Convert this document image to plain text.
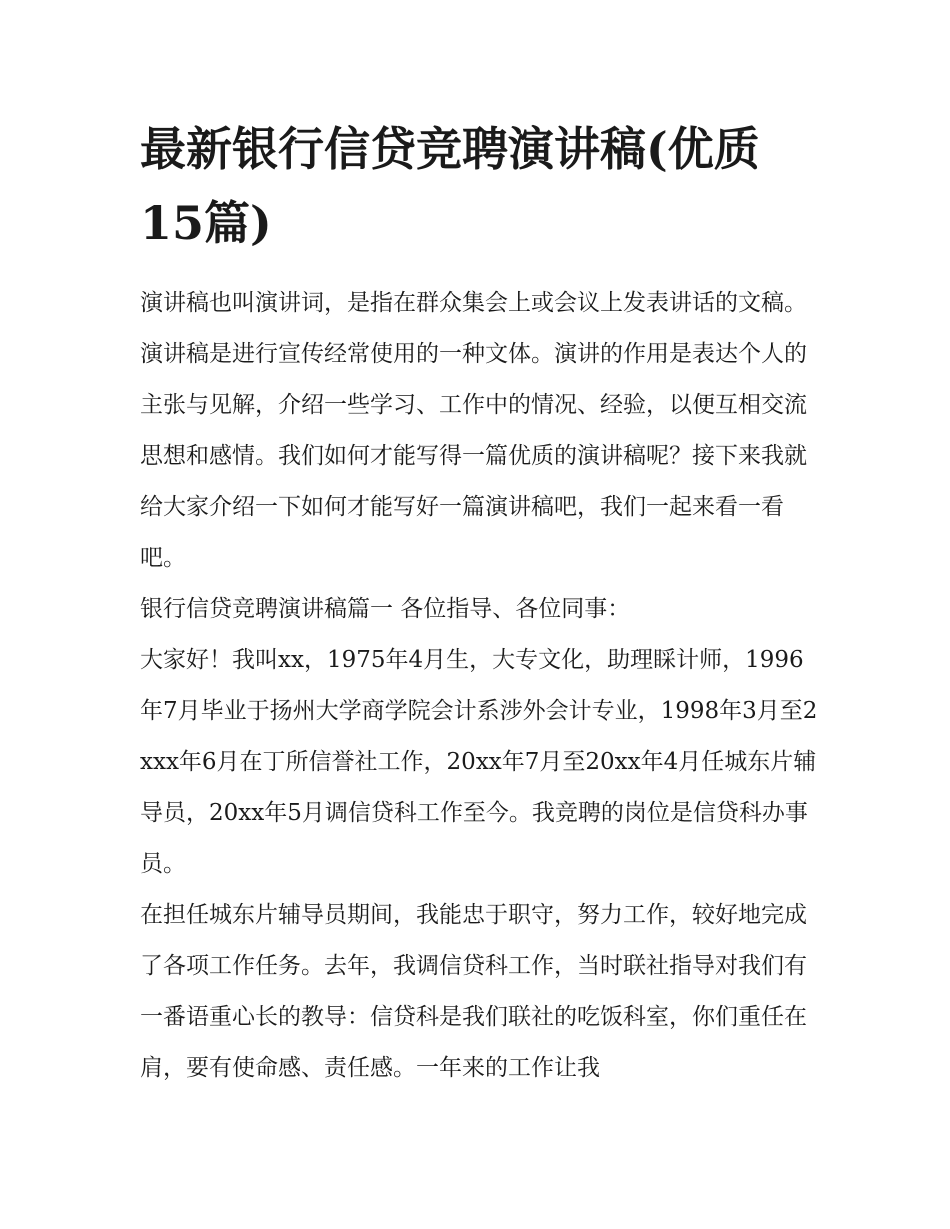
最新银行信贷竞聘演讲稿(优质15篇)

演讲稿也叫演讲词，是指在群众集会上或会议上发表讲话的文稿。演讲稿是进行宣传经常使用的一种文体。演讲的作用是表达个人的主张与见解，介绍一些学习、工作中的情况、经验，以便互相交流思想和感情。我们如何才能写得一篇优质的演讲稿呢？接下来我就给大家介绍一下如何才能写好一篇演讲稿吧，我们一起来看一看吧。

银行信贷竞聘演讲稿篇一 各位指导、各位同事：

大家好！我叫xx，1975年4月生，大专文化，助理睬计师，1996年7月毕业于扬州大学商学院会计系涉外会计专业，1998年3月至2xxx年6月在丁所信誉社工作，20xx年7月至20xx年4月任城东片辅导员，20xx年5月调信贷科工作至今。我竞聘的岗位是信贷科办事员。

在担任城东片辅导员期间，我能忠于职守，努力工作，较好地完成了各项工作任务。去年，我调信贷科工作，当时联社指导对我们有一番语重心长的教导：信贷科是我们联社的吃饭科室，你们重任在肩，要有使命感、责任感。一年来的工作让我
